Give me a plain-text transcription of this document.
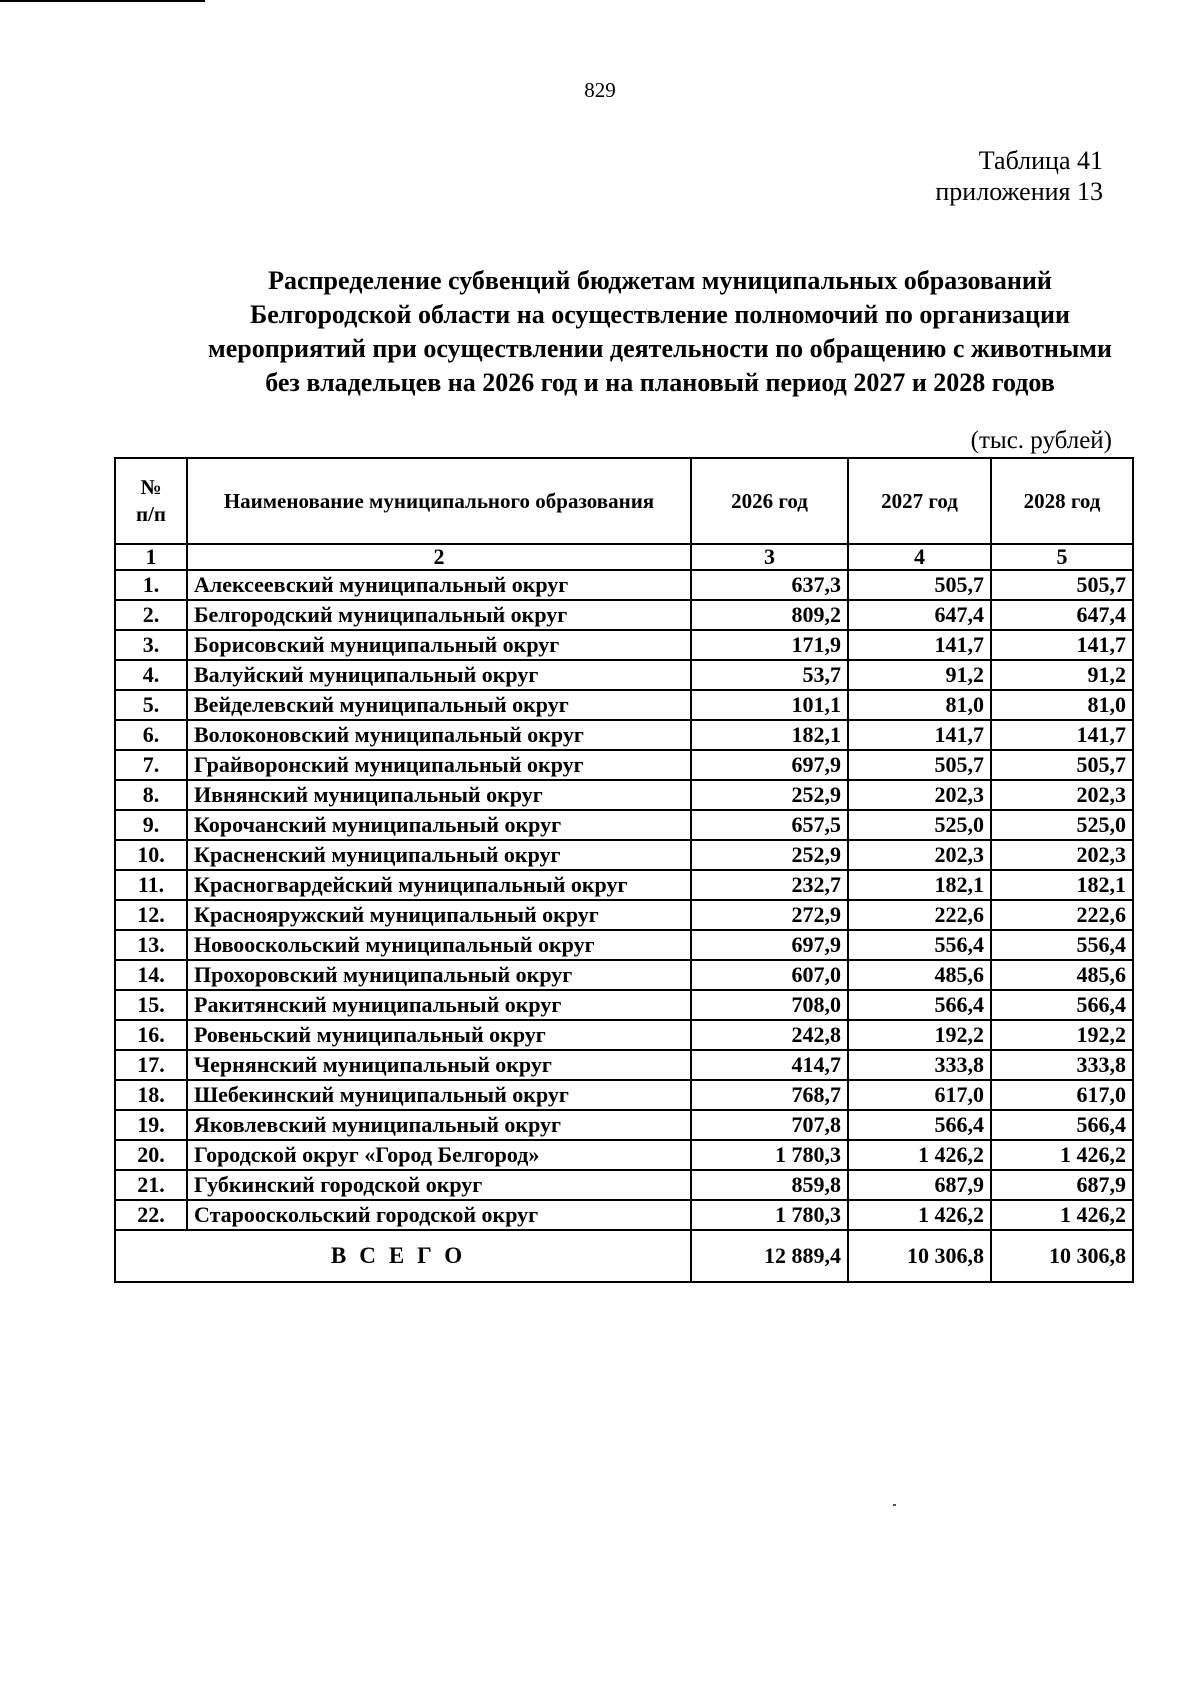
829
Таблица 41
приложения 13
Распределение субвенций бюджетам муниципальных образований
Белгородской области на осуществление полномочий по организации
мероприятий при осуществлении деятельности по обращению с животными
без владельцев на 2026 год и на плановый период 2027 и 2028 годов
(тыс. рублей)
№
п/п	Наименование муниципального образования	2026 год	2027 год	2028 год
1	2	3	4	5
1.	Алексеевский муниципальный округ	637,3	505,7	505,7
2.	Белгородский муниципальный округ	809,2	647,4	647,4
3.	Борисовский муниципальный округ	171,9	141,7	141,7
4.	Валуйский муниципальный округ	53,7	91,2	91,2
5.	Вейделевский муниципальный округ	101,1	81,0	81,0
6.	Волоконовский муниципальный округ	182,1	141,7	141,7
7.	Грайворонский муниципальный округ	697,9	505,7	505,7
8.	Ивнянский муниципальный округ	252,9	202,3	202,3
9.	Корочанский муниципальный округ	657,5	525,0	525,0
10.	Красненский муниципальный округ	252,9	202,3	202,3
11.	Красногвардейский муниципальный округ	232,7	182,1	182,1
12.	Краснояружский муниципальный округ	272,9	222,6	222,6
13.	Новооскольский муниципальный округ	697,9	556,4	556,4
14.	Прохоровский муниципальный округ	607,0	485,6	485,6
15.	Ракитянский муниципальный округ	708,0	566,4	566,4
16.	Ровеньский муниципальный округ	242,8	192,2	192,2
17.	Чернянский муниципальный округ	414,7	333,8	333,8
18.	Шебекинский муниципальный округ	768,7	617,0	617,0
19.	Яковлевский муниципальный округ	707,8	566,4	566,4
20.	Городской округ «Город Белгород»	1 780,3	1 426,2	1 426,2
21.	Губкинский городской округ	859,8	687,9	687,9
22.	Старооскольский городской округ	1 780,3	1 426,2	1 426,2
ВСЕГО		12 889,4	10 306,8	10 306,8
